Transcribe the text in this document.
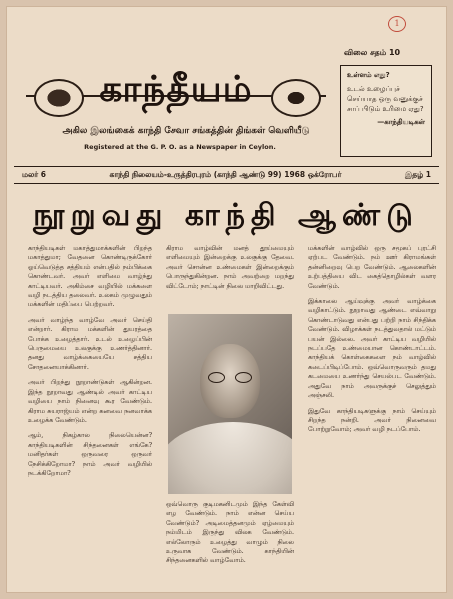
1
விலை சதம் 10
காந்தீயம்
அகில இலங்கைக் காந்தி சேவா சங்கத்தின் திங்கள் வெளியீடு
Registered at the G. P. O. as a Newspaper in Ceylon.
உள்ளம் எது?
உடல் உழைப்புச் செய்யாத ஒரு வனுக்குச் சாப் பிடும் உரிமை ஏது?
—காந்தியடிகள்
மலர் 6	காந்தி நிலையம்-உருத்திரபுரம் (காந்தி ஆண்டு 99) 1968 ஒக்ரோபர்	இதழ் 1
நூறுவது காந்தி ஆண்டு

காந்தியடிகள் மகாத்துமாக்களின் பிறந்த மகாத்துமா; வேதனை கொண்டிருக்கோர் ஓய்வெடுத்த சத்தியம் என்பதில் நம்பிக்கை கொண்டவர். அவர் எளிமை வாழ்ந்து காட்டியவர். அகிம்சை வழியில் மக்களை வழி நடத்திய தலைவர். உலகம் முழுவதும் மக்களின் மதிப்பை பெற்றவர்.

அவர் வாழ்ந்த வாழ்வே அவர் செய்தி என்றார். கிராம மக்களின் துயரத்தை போக்க உழைத்தார். உடல் உழைப்பின் பெருமையை உலகுக்கு உணர்த்தினார். தனது வாழ்க்கையையே சத்திய சோதனையாக்கினார்.

அவர் பிறந்து நூறாண்டுகள் ஆகின்றன. இந்த நூறாவது ஆண்டில் அவர் காட்டிய வழியை நாம் நினைவு கூர வேண்டும். கிராம சுயராஜ்யம் என்ற கனவை நனவாக்க உழைக்க வேண்டும்.

ஆம், நிகழ்கால நிலையென்ன? காந்தியடிகளின் சிந்தனைகள் எங்கே? மனிதர்கள் ஒருவரை ஒருவர் நேசிக்கிறோமா? நாம் அவர் வழியில் நடக்கிறோமா?

கிராம வாழ்வின் மனத் தூய்மையும் எளிமையும் இன்றைக்கு உலகுக்கு தேவை. அவர் சொன்ன உண்மைகள் இன்றைக்கும் பொருந்துகின்றன. நாம் அவற்றை மறந்து விட்டோம்; நாட்டின் நிலை மாறிவிட்டது.

ஒவ்வொரு குடிமகனிடமும் இந்த கேள்வி எழ வேண்டும். நாம் என்ன செய்ய வேண்டும்? அடிமைத்தனமும் ஏழ்மையும் நம்மிடம் இருந்து விலக வேண்டும். எல்லோரும் உழைத்து வாழும் நிலை உருவாக வேண்டும். காந்தியின் சிந்தனைகளில் வாழ்வோம்.

மக்களின் வாழ்வில் ஒரு சமூகப் புரட்சி ஏற்பட வேண்டும். நம் ஊர் கிராமங்கள் தன்னிறைவு பெற வேண்டும். ஆலைகளின் உற்பத்தியை விட கைத்தொழில்கள் வளர வேண்டும்.

இக்காலை ஆய்வுக்கு அவர் வாழ்க்கை வழிகாட்டும். நூறாவது ஆண்டை எவ்வாறு கொண்டாடுவது என்பது பற்றி நாம் சிந்திக்க வேண்டும். விழாக்கள் நடத்துவதால் மட்டும் பயன் இல்லை. அவர் காட்டிய வழியில் நடப்பதே உண்மையான கொண்டாட்டம். காந்தியக் கொள்கைகளை நம் வாழ்வில் கடைப்பிடிப்போம். ஒவ்வொருவரும் தமது கடமையை உணர்ந்து செயல்பட வேண்டும். அதுவே நாம் அவருக்குச் செலுத்தும் அஞ்சலி.

இதுவே காந்தியடிகளுக்கு நாம் செய்யும் சிறந்த நன்றி. அவர் நினைவை போற்றுவோம்; அவர் வழி நடப்போம்.
